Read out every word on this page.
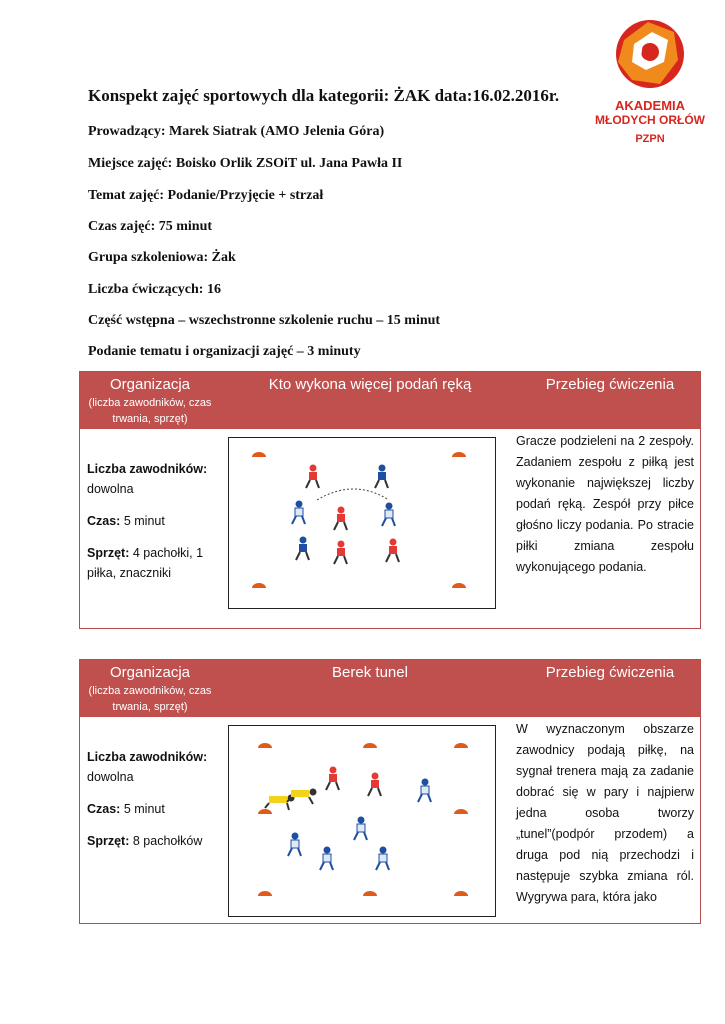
AKADEMIA
MŁODYCH ORŁÓW
PZPN
Konspekt zajęć sportowych dla kategorii: ŻAK data:16.02.2016r.
Prowadzący: Marek Siatrak (AMO Jelenia Góra)
Miejsce zajęć: Boisko Orlik ZSOiT ul. Jana Pawła II
Temat zajęć: Podanie/Przyjęcie + strzał
Czas zajęć: 75 minut
Grupa szkoleniowa: Żak
Liczba ćwiczących: 16
Część wstępna – wszechstronne szkolenie ruchu – 15 minut
Podanie tematu i organizacji zajęć – 3 minuty
Organizacja
(liczba zawodników, czas trwania, sprzęt)
Kto wykona więcej podań ręką	Przebieg ćwiczenia

Liczba zawodników:
dowolna

Czas: 5 minut

Sprzęt: 4 pachołki, 1 piłka, znaczniki

Gracze podzieleni na 2 zespoły. Zadaniem zespołu z piłką jest wykonanie największej liczby podań ręką. Zespół przy piłce głośno liczy podania. Po stracie piłki zmiana zespołu wykonującego podania.
Organizacja
(liczba zawodników, czas trwania, sprzęt)
Berek tunel	Przebieg ćwiczenia

Liczba zawodników:
dowolna

Czas: 5 minut

Sprzęt: 8 pachołków

W wyznaczonym obszarze zawodnicy podają piłkę, na sygnał trenera mają za zadanie dobrać się w pary i najpierw jedna osoba tworzy „tunel”(podpór przodem) a druga pod nią przechodzi i następuje szybka zmiana ról. Wygrywa para, która jako
